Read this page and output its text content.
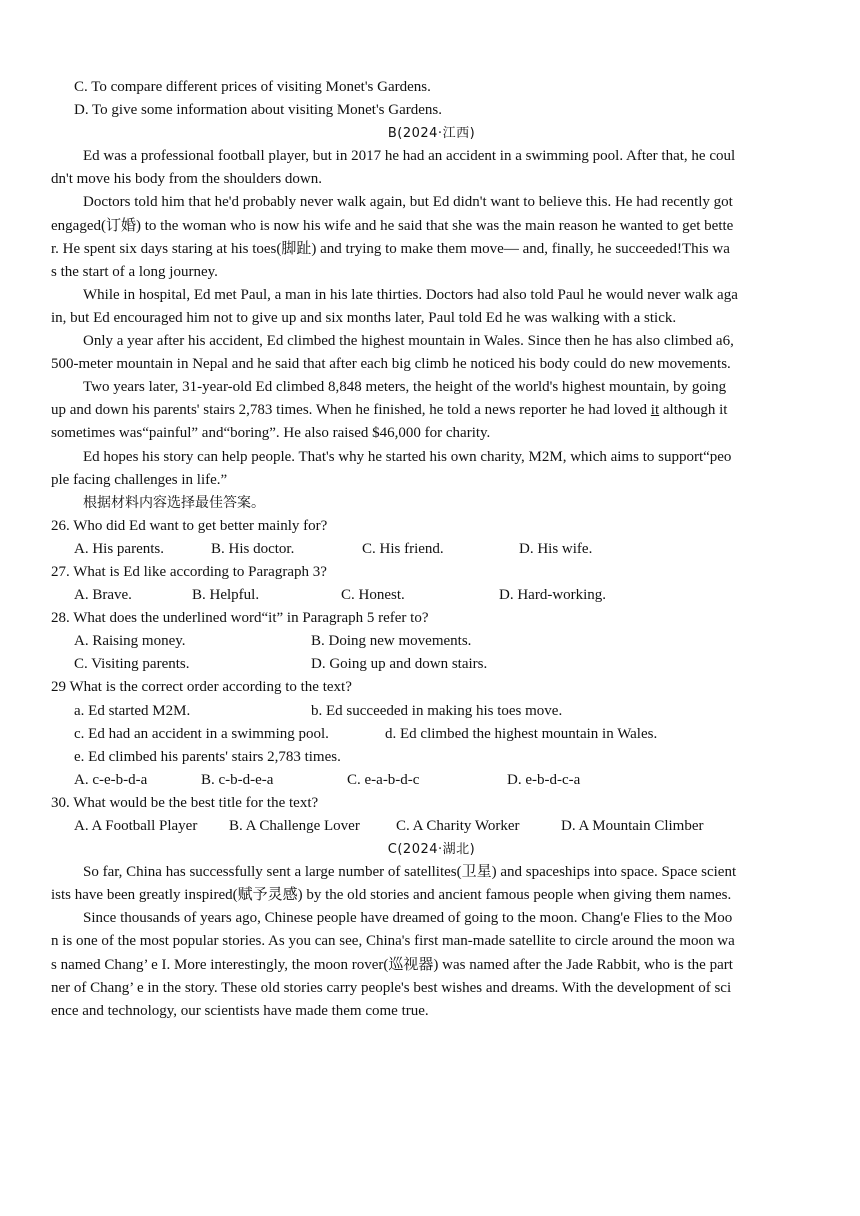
C. To compare different prices of visiting Monet's Gardens.
D. To give some information about visiting Monet's Gardens.
B(2024·江西)
Ed was a professional football player, but in 2017 he had an accident in a swimming pool. After that, he coul
dn't move his body from the shoulders down.
Doctors told him that he'd probably never walk again, but Ed didn't want to believe this. He had recently got
engaged(订婚) to the woman who is now his wife and he said that she was the main reason he wanted to get bette
r. He spent six days staring at his toes(脚趾) and trying to make them move— and, finally, he succeeded!This wa
s the start of a long journey.
While in hospital, Ed met Paul, a man in his late thirties. Doctors had also told Paul he would never walk aga
in, but Ed encouraged him not to give up and six months later, Paul told Ed he was walking with a stick.
Only a year after his accident, Ed climbed the highest mountain in Wales. Since then he has also climbed a6,
500-meter mountain in Nepal and he said that after each big climb he noticed his body could do new movements.
Two years later, 31-year-old Ed climbed 8,848 meters, the height of the world's highest mountain, by going
up and down his parents' stairs 2,783 times. When he finished, he told a news reporter he had loved it although it
sometimes was“painful” and“boring”. He also raised $46,000 for charity.
Ed hopes his story can help people. That's why he started his own charity, M2M, which aims to support“peo
ple facing challenges in life.”
根据材料内容选择最佳答案。
26. Who did Ed want to get better mainly for?
A. His parents.	B. His doctor.	C. His friend.	D. His wife.
27. What is Ed like according to Paragraph 3?
A. Brave.	B. Helpful.	C. Honest.	D. Hard-working.
28. What does the underlined word“it” in Paragraph 5 refer to?
A. Raising money.	B. Doing new movements.
C. Visiting parents.	D. Going up and down stairs.
29 What is the correct order according to the text?
a. Ed started M2M.	b. Ed succeeded in making his toes move.
c. Ed had an accident in a swimming pool.	d. Ed climbed the highest mountain in Wales.
e. Ed climbed his parents' stairs 2,783 times.
A. c-e-b-d-a	B. c-b-d-e-a	C. e-a-b-d-c	D. e-b-d-c-a
30. What would be the best title for the text?
A. A Football Player B. A Challenge Lover C. A Charity Worker	D. A Mountain Climber
C(2024·湖北)
So far, China has successfully sent a large number of satellites(卫星) and spaceships into space. Space scient
ists have been greatly inspired(赋予灵感) by the old stories and ancient famous people when giving them names.
Since thousands of years ago, Chinese people have dreamed of going to the moon. Chang'e Flies to the Moo
n is one of the most popular stories. As you can see, China's first man-made satellite to circle around the moon wa
s named Chang’ e I. More interestingly, the moon rover(巡视器) was named after the Jade Rabbit, who is the part
ner of Chang’ e in the story. These old stories carry people's best wishes and dreams. With the development of sci
ence and technology, our scientists have made them come true.
